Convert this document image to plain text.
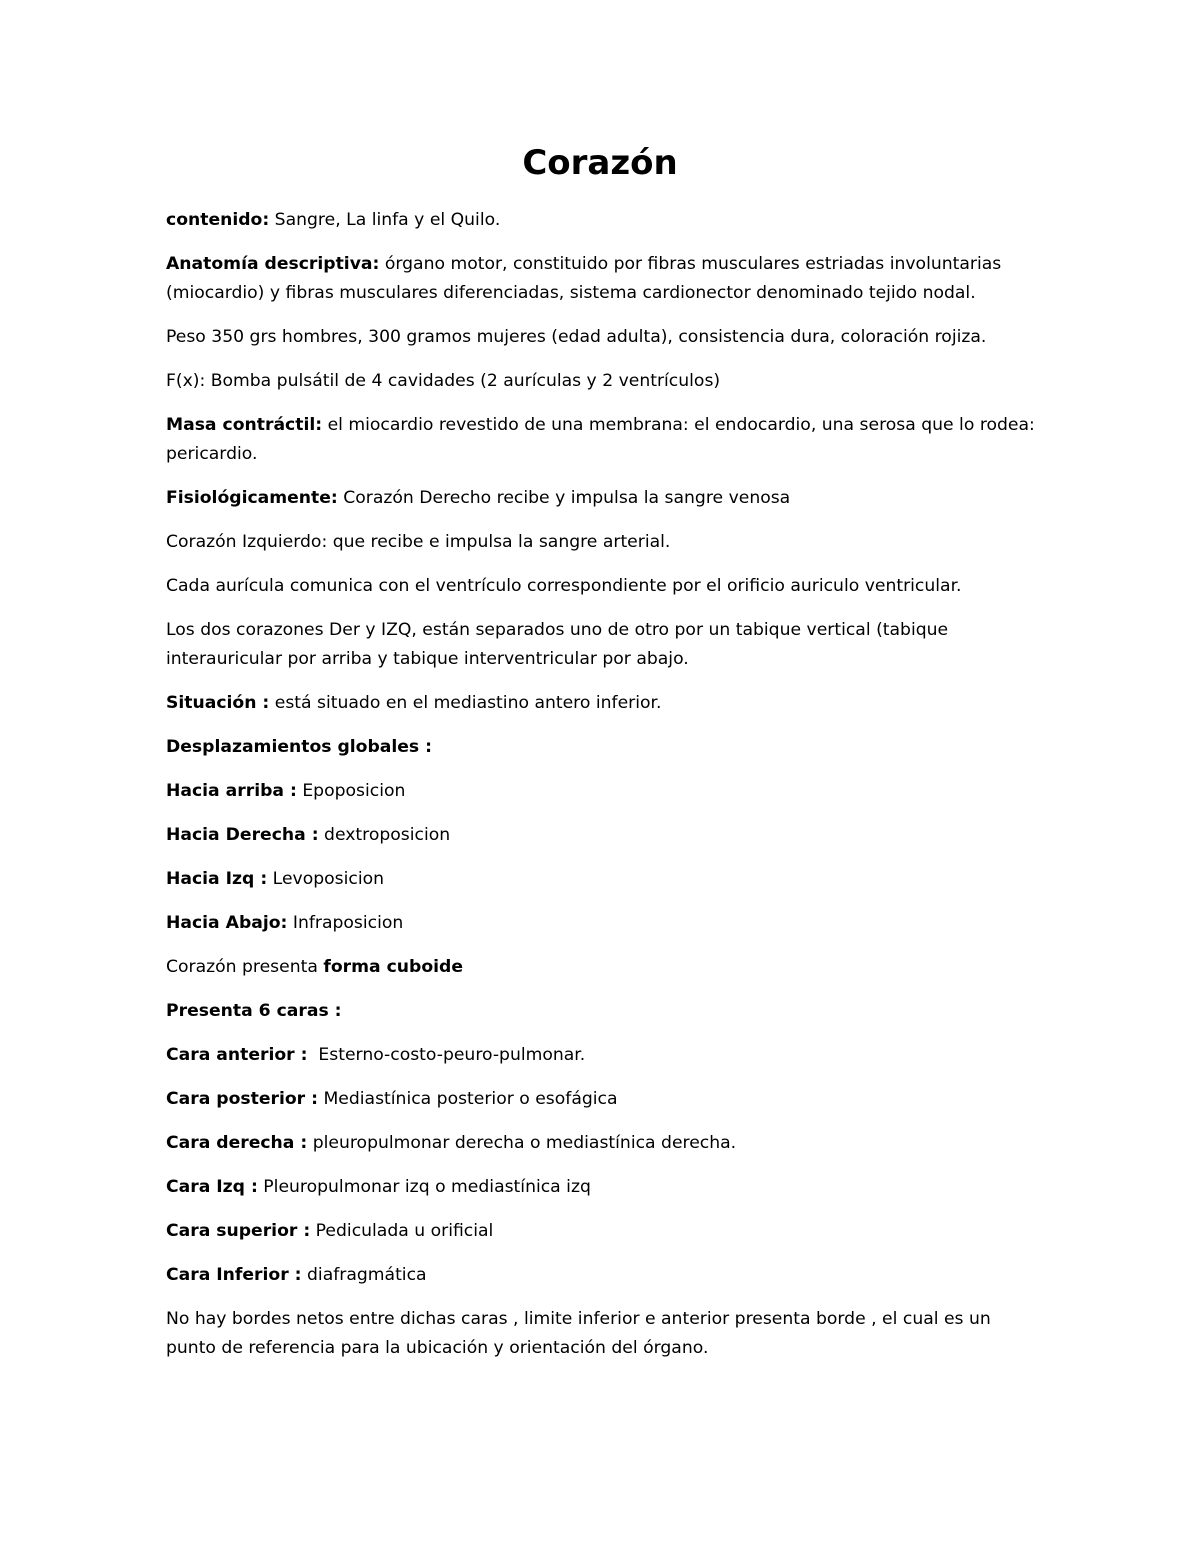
Corazón
contenido: Sangre, La linfa y el Quilo.
Anatomía descriptiva: órgano motor, constituido por fibras musculares estriadas involuntarias (miocardio) y fibras musculares diferenciadas, sistema cardionector denominado tejido nodal.
Peso 350 grs hombres, 300 gramos mujeres (edad adulta), consistencia dura, coloración rojiza.
F(x): Bomba pulsátil de 4 cavidades (2 aurículas y 2 ventrículos)
Masa contráctil: el miocardio revestido de una membrana: el endocardio, una serosa que lo rodea: pericardio.
Fisiológicamente: Corazón Derecho recibe y impulsa la sangre venosa
Corazón Izquierdo: que recibe e impulsa la sangre arterial.
Cada aurícula comunica con el ventrículo correspondiente por el orificio auriculo ventricular.
Los dos corazones Der y IZQ, están separados uno de otro por un tabique vertical (tabique interauricular por arriba y tabique interventricular por abajo.
Situación : está situado en el mediastino antero inferior.
Desplazamientos globales :
Hacia arriba : Epoposicion
Hacia Derecha : dextroposicion
Hacia Izq : Levoposicion
Hacia Abajo: Infraposicion
Corazón presenta forma cuboide
Presenta 6 caras :
Cara anterior :  Esterno-costo-peuro-pulmonar.
Cara posterior : Mediastínica posterior o esofágica
Cara derecha : pleuropulmonar derecha o mediastínica derecha.
Cara Izq : Pleuropulmonar izq o mediastínica izq
Cara superior : Pediculada u orificial
Cara Inferior : diafragmática
No hay bordes netos entre dichas caras , limite inferior e anterior presenta borde , el cual es un punto de referencia para la ubicación y orientación del órgano.
